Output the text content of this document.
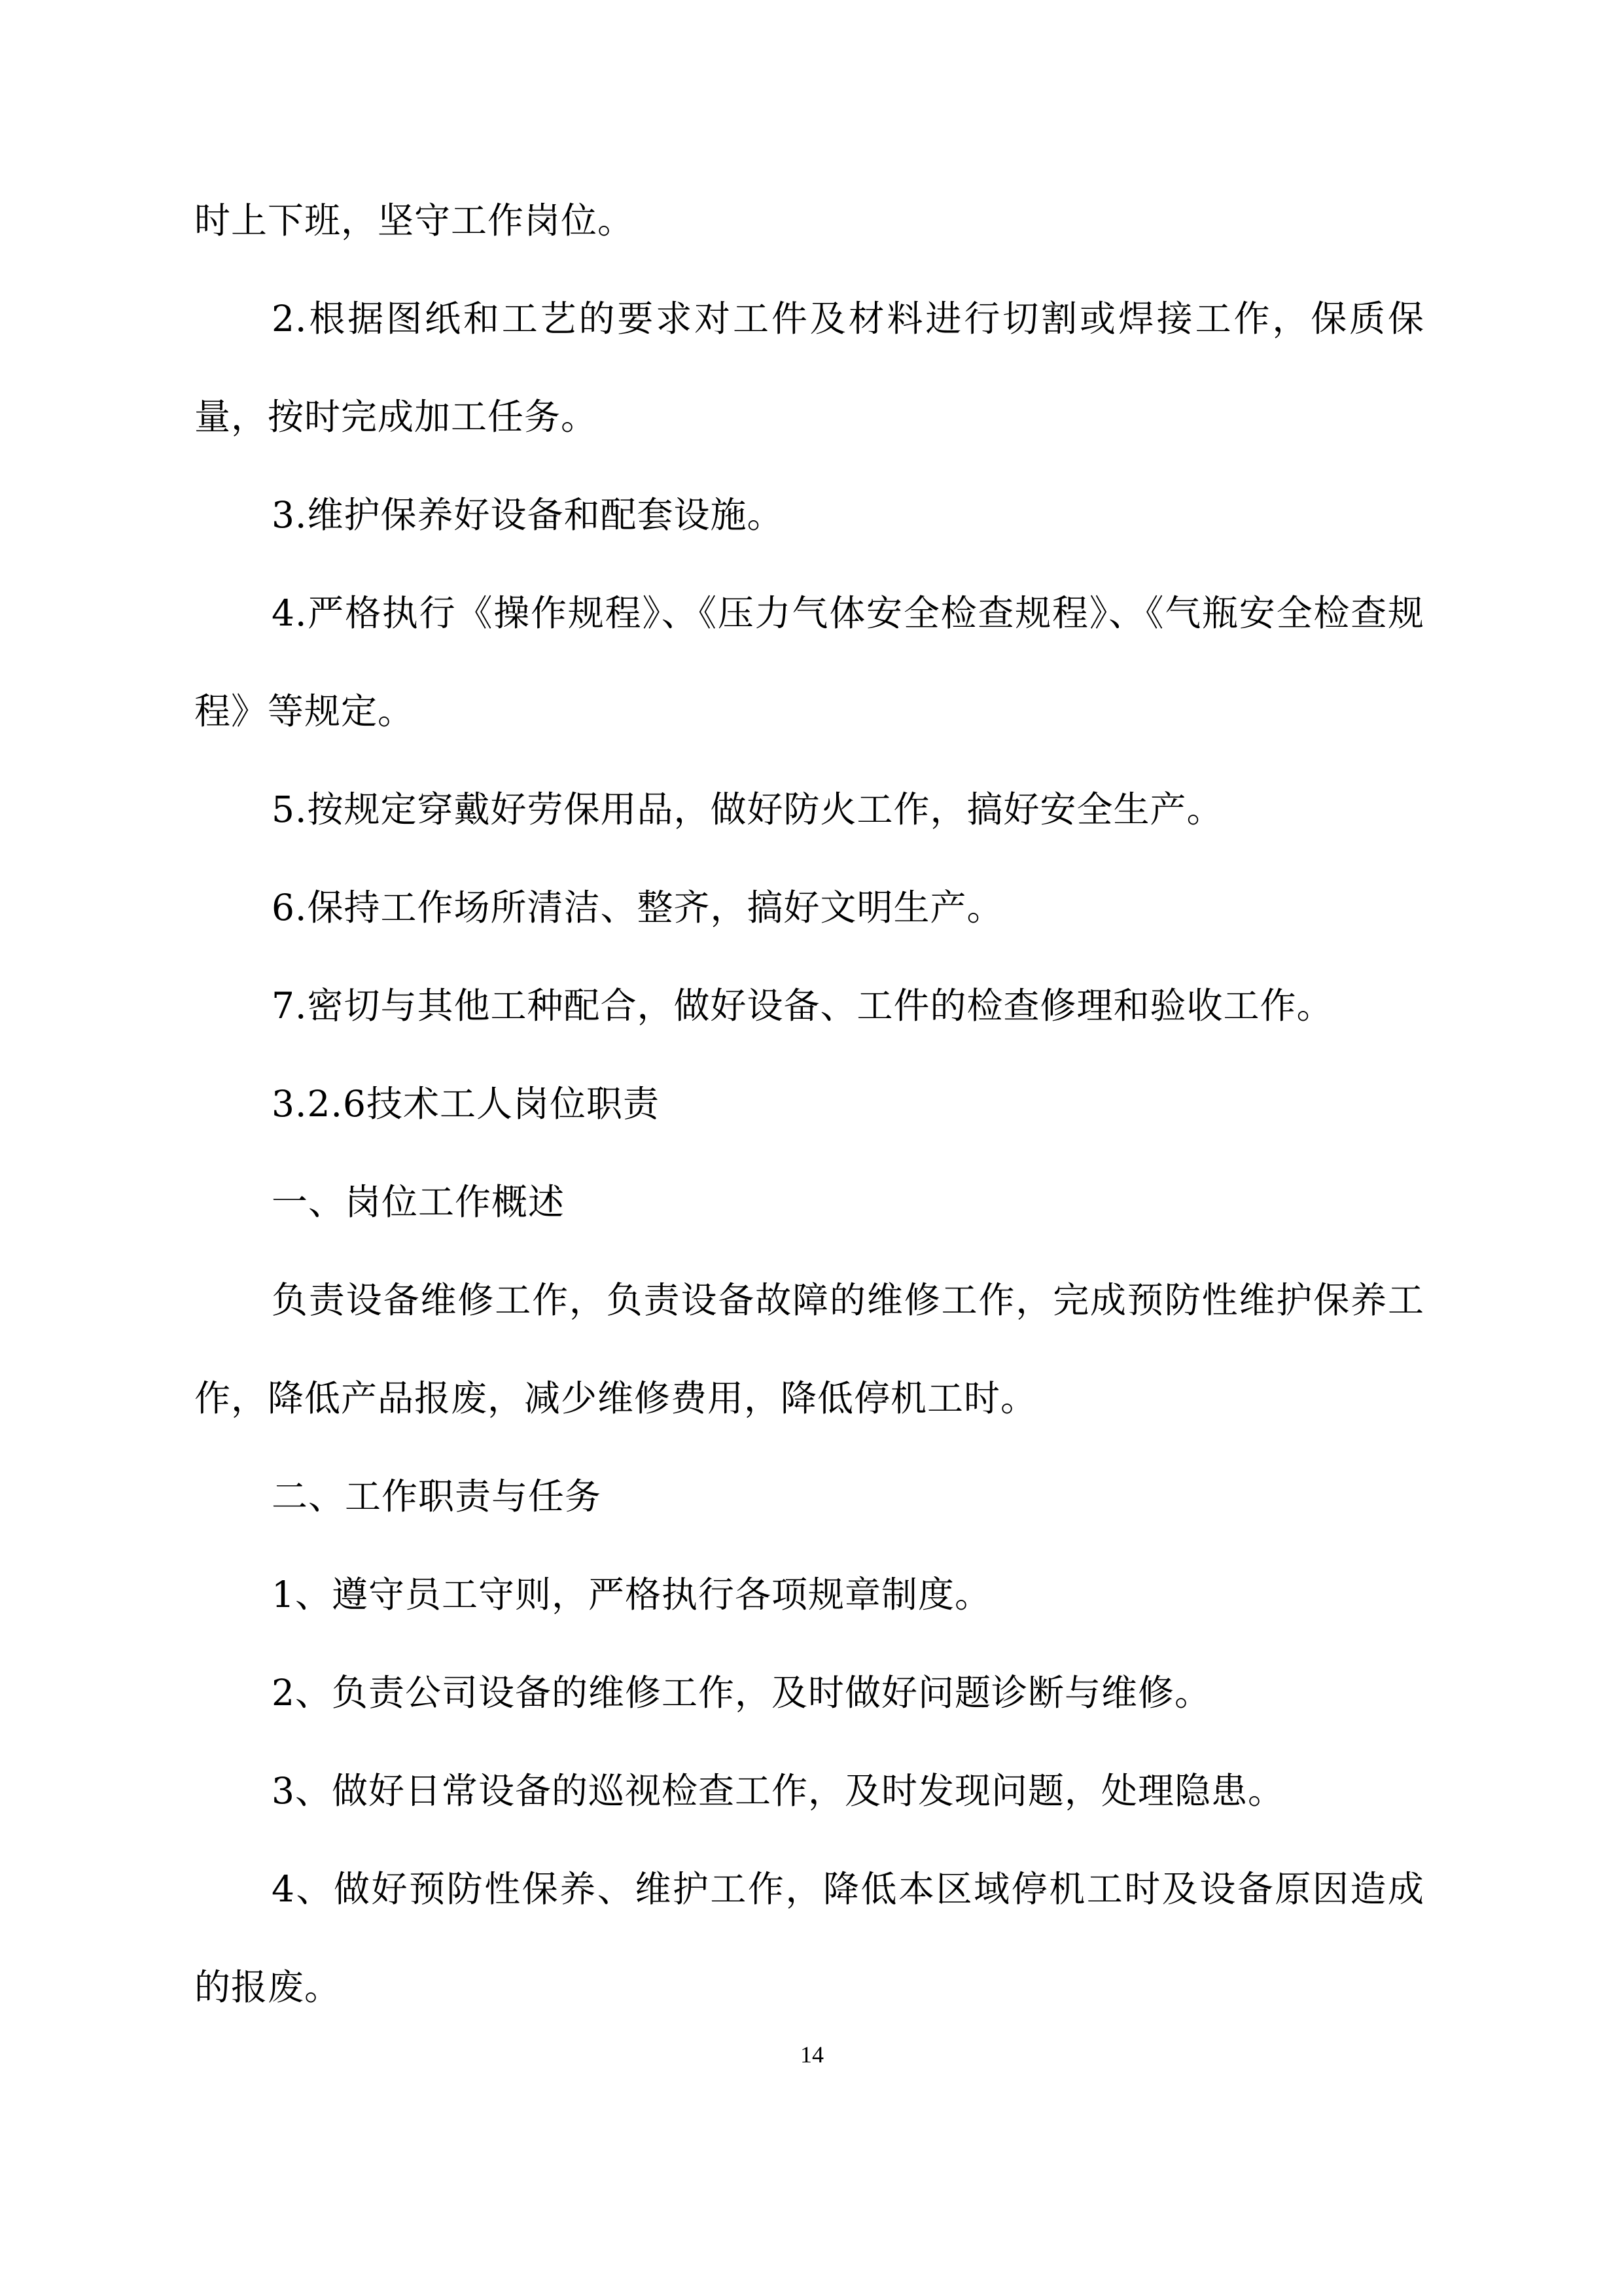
时上下班，坚守工作岗位。

2.根据图纸和工艺的要求对工件及材料进行切割或焊接工作，保质保量，按时完成加工任务。

3.维护保养好设备和配套设施。

4.严格执行《操作规程》、《压力气体安全检查规程》、《气瓶安全检查规程》等规定。

5.按规定穿戴好劳保用品，做好防火工作，搞好安全生产。

6.保持工作场所清洁、整齐，搞好文明生产。

7.密切与其他工种配合，做好设备、工件的检查修理和验收工作。

3.2.6技术工人岗位职责

一、岗位工作概述

负责设备维修工作，负责设备故障的维修工作，完成预防性维护保养工作，降低产品报废，减少维修费用，降低停机工时。

二、工作职责与任务

1、遵守员工守则，严格执行各项规章制度。

2、负责公司设备的维修工作，及时做好问题诊断与维修。

3、做好日常设备的巡视检查工作，及时发现问题，处理隐患。

4、做好预防性保养、维护工作，降低本区域停机工时及设备原因造成的报废。

14
